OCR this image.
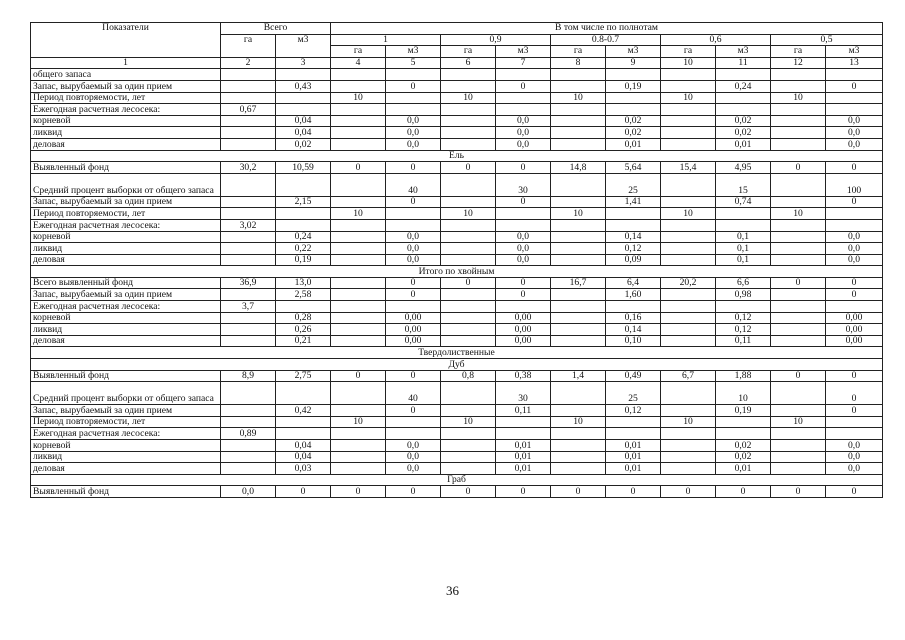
Показатели	Всего		В том числе по полнотам									
	га	м3	1		0,9		0.8-0.7		0,6		0,5	
			га	м3	га	м3	га	м3	га	м3	га	м3
1	2	3	4	5	6	7	8	9	10	11	12	13
общего запаса												
Запас, вырубаемый за один прием		0,43		0		0		0,19		0,24		0
Период повторяемости, лет			10		10		10		10		10	
Ежегодная расчетная лесосека:	0,67											
корневой		0,04		0,0		0,0		0,02		0,02		0,0
ликвид		0,04		0,0		0,0		0,02		0,02		0,0
деловая		0,02		0,0		0,0		0,01		0,01		0,0
Ель												
Выявленный фонд	30,2	10,59	0	0	0	0	14,8	5,64	15,4	4,95	0	0
Средний процент выборки от общего запаса				40		30		25		15		100
Запас, вырубаемый за один прием		2,15		0		0		1,41		0,74		0
Период повторяемости, лет			10		10		10		10		10	
Ежегодная расчетная лесосека:	3,02											
корневой		0,24		0,0		0,0		0,14		0,1		0,0
ликвид		0,22		0,0		0,0		0,12		0,1		0,0
деловая		0,19		0,0		0,0		0,09		0,1		0,0
Итого по хвойным												
Всего выявленный фонд	36,9	13,0		0	0	0	16,7	6,4	20,2	6,6	0	0
Запас, вырубаемый за один прием		2,58		0		0		1,60		0,98		0
Ежегодная расчетная лесосека:	3,7											
корневой		0,28		0,00		0,00		0,16		0,12		0,00
ликвид		0,26		0,00		0,00		0,14		0,12		0,00
деловая		0,21		0,00		0,00		0,10		0,11		0,00
Твердолиственные												
Дуб												
Выявленный фонд	8,9	2,75	0	0	0,8	0,38	1,4	0,49	6,7	1,88	0	0
Средний процент выборки от общего запаса				40		30		25		10		0
Запас, вырубаемый за один прием		0,42		0		0,11		0,12		0,19		0
Период повторяемости, лет			10		10		10		10		10	
Ежегодная расчетная лесосека:	0,89											
корневой		0,04		0,0		0,01		0,01		0,02		0,0
ликвид		0,04		0,0		0,01		0,01		0,02		0,0
деловая		0,03		0,0		0,01		0,01		0,01		0,0
Граб												
Выявленный фонд	0,0	0	0	0	0	0	0	0	0	0	0	0
36
